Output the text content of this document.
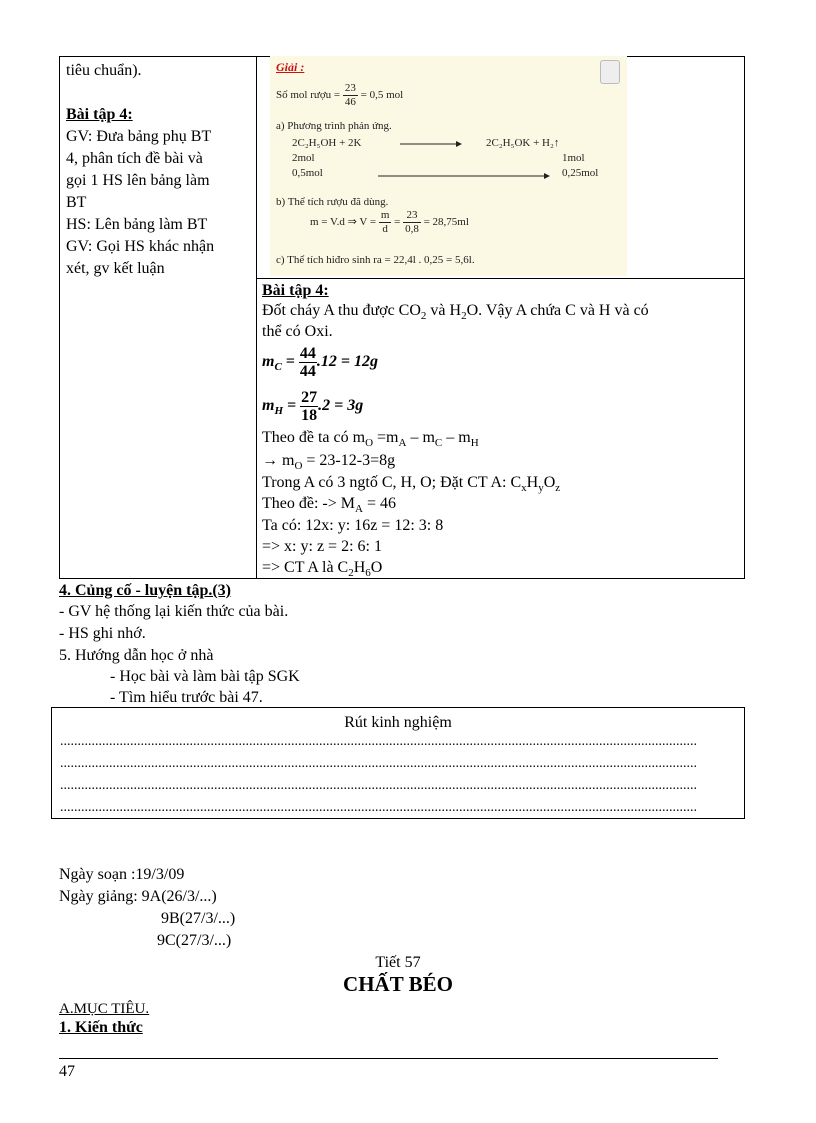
tiêu chuẩn).

Bài tập 4:

GV: Đưa bảng phụ BT

4, phân tích đề bài và

gọi 1 HS lên bảng làm

BT

HS: Lên bảng làm BT

GV: Gọi HS khác nhận

xét, gv kết luận

Giải :
Số mol rượu = $\frac{23}{46} = 0,5$ mol
a) Phương trình phản ứng.
2C₂H₅OH + 2K	2C₂H₅OK + H₂↑
2mol	1mol
0,5mol	0,25mol
b) Thể tích rượu đã dùng.
m = V.d ⇒ $V = \frac{m}{d} = \frac{23}{0,8} = 28,75ml$
c) Thể tích hiđro sinh ra = 22,4l . 0,25 = 5,6l.
Bài tập 4:
Đốt cháy A thu được $CO_2$ và $H_2O$. Vậy A chứa C và H và có
thể có Oxi.
$m_C = \frac{44}{44} .12 = 12g$
$m_H = \frac{27}{18} .2 = 3g$
Theo đề ta có $m_O =m_A - m_C - m_H$
→ $m_O = 23-12-3=8g$
Trong A có 3 ngtố C, H, O; Đặt CT A: $C_xH_yO_z$
Theo đề: -> $M_A = 46$
Ta có: 12x: y: 16z = 12: 3: 8
=> x: y: z = 2: 6: 1
=> CT A là $C_2H_6O$
4. Củng cố - luyện tập.(3)
- GV hệ thống lại kiến thức của bài.
- HS ghi nhớ.
5. Hướng dẫn học ở nhà
- Học bài và làm bài tập SGK
- Tìm hiểu trước bài 47.
Rút kinh nghiệm
......................................................................................................................................................................................
......................................................................................................................................................................................
......................................................................................................................................................................................
......................................................................................................................................................................................
Ngày soạn :19/3/09
Ngày giảng: 9A(26/3/...)
9B(27/3/...)
9C(27/3/...)
Tiết 57
CHẤT BÉO
A.MỤC TIÊU.
1. Kiến thức
47
